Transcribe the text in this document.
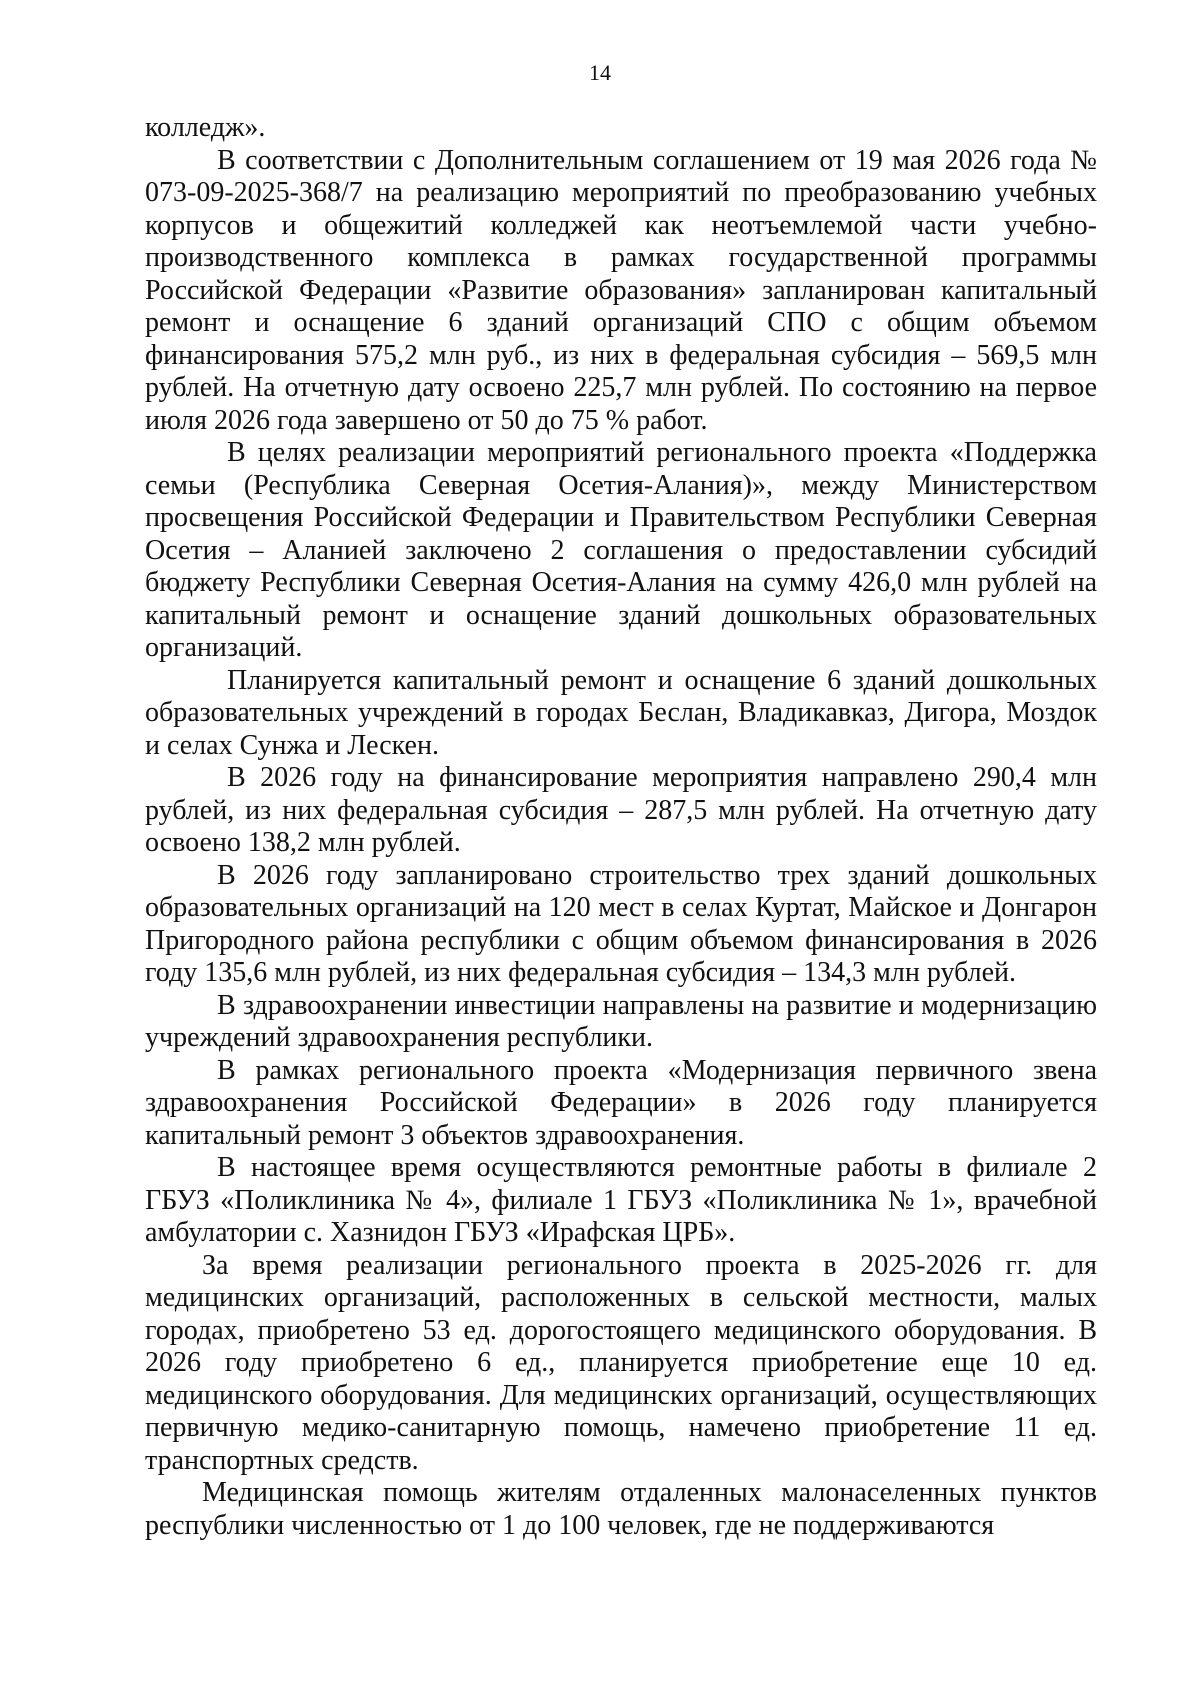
14

колледж».

В соответствии с Дополнительным соглашением от 19 мая 2026 года № 073-09-2025-368/7 на реализацию мероприятий по преобразованию учебных корпусов и общежитий колледжей как неотъемлемой части учебно-производственного комплекса в рамках государственной программы Российской Федерации «Развитие образования» запланирован капитальный ремонт и оснащение 6 зданий организаций СПО с общим объемом финансирования 575,2 млн руб., из них в федеральная субсидия – 569,5 млн рублей. На отчетную дату освоено 225,7 млн рублей. По состоянию на первое июля 2026 года завершено от 50 до 75 % работ.

В целях реализации мероприятий регионального проекта «Поддержка семьи (Республика Северная Осетия-Алания)», между Министерством просвещения Российской Федерации и Правительством Республики Северная Осетия – Аланией заключено 2 соглашения о предоставлении субсидий бюджету Республики Северная Осетия-Алания на сумму 426,0 млн рублей на капитальный ремонт и оснащение зданий дошкольных образовательных организаций.

Планируется капитальный ремонт и оснащение 6 зданий дошкольных образовательных учреждений в городах Беслан, Владикавказ, Дигора, Моздок и селах Сунжа и Лескен.

В 2026 году на финансирование мероприятия направлено 290,4 млн рублей, из них федеральная субсидия – 287,5 млн рублей. На отчетную дату освоено 138,2 млн рублей.

В 2026 году запланировано строительство трех зданий дошкольных образовательных организаций на 120 мест в селах Куртат, Майское и Донгарон Пригородного района республики с общим объемом финансирования в 2026 году 135,6 млн рублей, из них федеральная субсидия – 134,3 млн рублей.

В здравоохранении инвестиции направлены на развитие и модернизацию учреждений здравоохранения республики.

В рамках регионального проекта «Модернизация первичного звена здравоохранения Российской Федерации» в 2026 году планируется капитальный ремонт 3 объектов здравоохранения.

В настоящее время осуществляются ремонтные работы в филиале 2 ГБУЗ «Поликлиника № 4», филиале 1 ГБУЗ «Поликлиника № 1», врачебной амбулатории с. Хазнидон ГБУЗ «Ирафская ЦРБ».

За время реализации регионального проекта в 2025-2026 гг. для медицинских организаций, расположенных в сельской местности, малых городах, приобретено 53 ед. дорогостоящего медицинского оборудования. В 2026 году приобретено 6 ед., планируется приобретение еще 10 ед. медицинского оборудования. Для медицинских организаций, осуществляющих первичную медико-санитарную помощь, намечено приобретение 11 ед. транспортных средств.

Медицинская помощь жителям отдаленных малонаселенных пунктов республики численностью от 1 до 100 человек, где не поддерживаются
